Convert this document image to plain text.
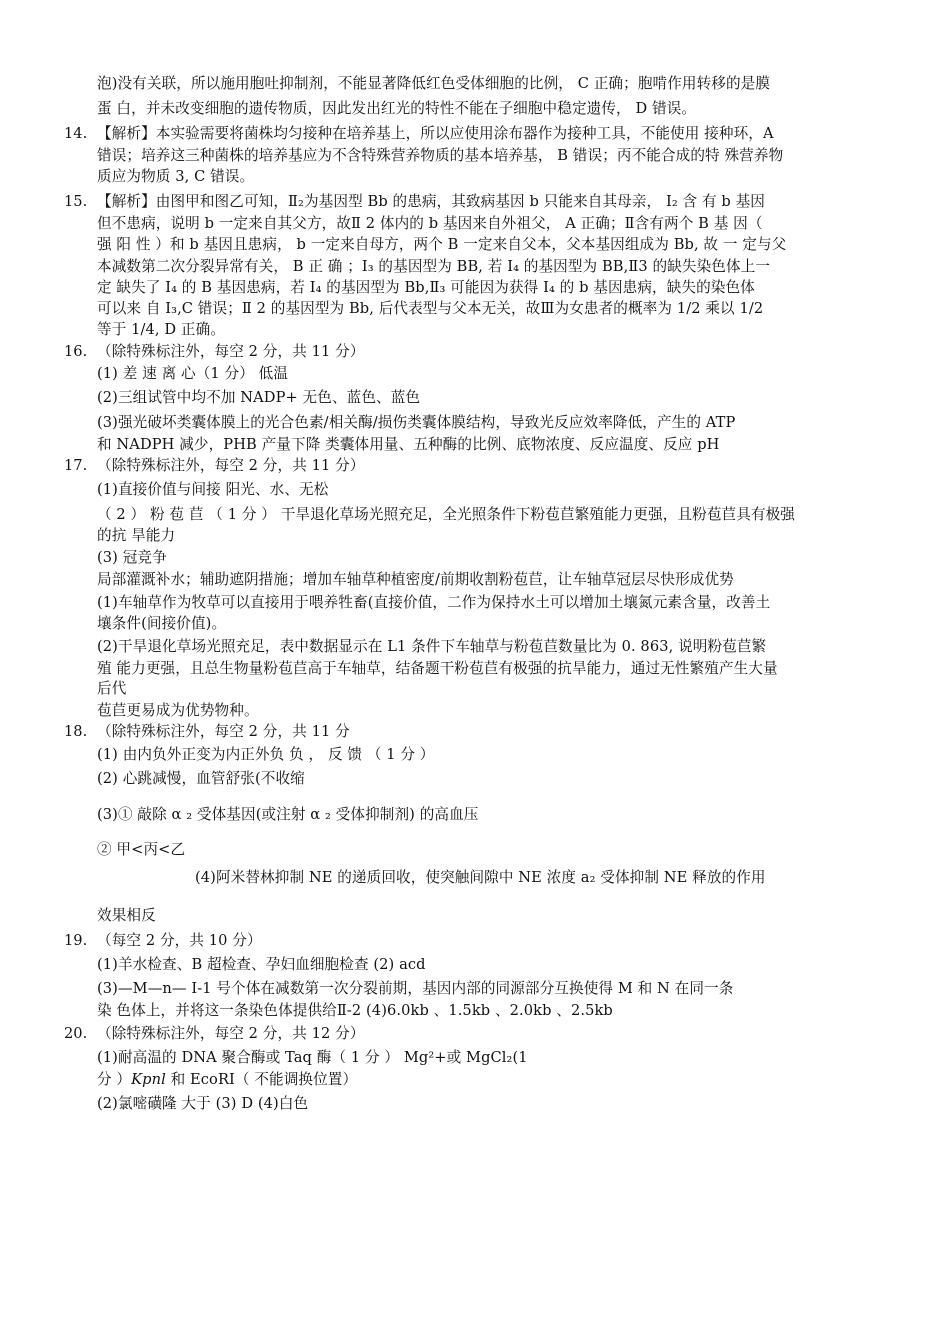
泡)没有关联，所以施用胞吐抑制剂，不能显著降低红色受体细胞的比例， C 正确；胞啃作用转移的是膜
蛋 白，并未改变细胞的遗传物质，因此发出红光的特性不能在子细胞中稳定遗传， D 错误。
14. 【解析】本实验需要将菌株均匀接种在培养基上，所以应使用涂布器作为接种工具，不能使用 接种环，A
错误；培养这三种菌株的培养基应为不含特殊营养物质的基本培养基， B 错误；丙不能合成的特 殊营养物
质应为物质 3, C 错误。
15. 【解析】由图甲和图乙可知，Ⅱ₂为基因型 Bb 的患病，其致病基因 b 只能来自其母亲， I₂ 含 有 b 基因
但不患病，说明 b 一定来自其父方，故Ⅱ 2 体内的 b 基因来自外祖父， A 正确；Ⅱ含有两个 B 基 因（
强 阳 性 ）和 b 基因且患病， b 一定来自母方，两个 B 一定来自父本，父本基因组成为 Bb, 故 一 定与父
本减数第二次分裂异常有关， B 正 确 ；I₃ 的基因型为 BB, 若 I₄ 的基因型为 BB,Ⅱ3 的缺失染色体上一
定 缺失了 I₄ 的 B 基因患病，若 I₄ 的基因型为 Bb,Ⅱ₃ 可能因为获得 I₄ 的 b 基因患病，缺失的染色体
可以来 自 I₃,C 错误；Ⅱ 2 的基因型为 Bb, 后代表型与父本无关，故Ⅲ为女患者的概率为 1/2 乘以 1/2
等于 1/4, D 正确。
16. （除特殊标注外，每空 2 分，共 11 分）
(1) 差 速 离 心（1 分） 低温
(2)三组试管中均不加 NADP+ 无色、蓝色、蓝色
(3)强光破坏类囊体膜上的光合色素/相关酶/损伤类囊体膜结构，导致光反应效率降低，产生的 ATP
和 NADPH 减少，PHB 产量下降 类囊体用量、五种酶的比例、底物浓度、反应温度、反应 pH
17. （除特殊标注外，每空 2 分，共 11 分）
(1)直接价值与间接 阳光、水、无松
（ 2 ） 粉 苞 苣 （ 1 分 ） 干旱退化草场光照充足，全光照条件下粉苞苣繁殖能力更强，且粉苞苣具有极强
的抗 旱能力
(3) 冠竞争
局部灌溉补水；辅助遮阴措施；增加车轴草种植密度/前期收割粉苞苣，让车轴草冠层尽快形成优势
(1)车轴草作为牧草可以直接用于喂养牲畜(直接价值，二作为保持水土可以增加土壤氮元素含量，改善土
壤条件(间接价值)。
(2)干旱退化草场光照充足，表中数据显示在 L1 条件下车轴草与粉苞苣数量比为 0. 863, 说明粉苞苣繁
殖 能力更强，且总生物量粉苞苣高于车轴草，结备题干粉苞苣有极强的抗旱能力，通过无性繁殖产生大量
后代
苞苣更易成为优势物种。
18. （除特殊标注外，每空 2 分，共 11 分
(1) 由内负外正变为内正外负 负 ， 反 馈 （ 1 分 ）
(2) 心跳减慢，血管舒张(不收缩
(3)① 敲除 α ₂ 受体基因(或注射 α ₂ 受体抑制剂) 的高血压
② 甲<丙<乙
(4)阿米替林抑制 NE 的递质回收，使突触间隙中 NE 浓度 a₂ 受体抑制 NE 释放的作用
效果相反
19. （每空 2 分，共 10 分）
(1)羊水检查、B 超检查、孕妇血细胞检查 (2) acd
(3)—M—n— I-1 号个体在减数第一次分裂前期，基因内部的同源部分互换使得 M 和 N 在同一条
染 色体上，并将这一条染色体提供给Ⅱ-2 (4)6.0kb 、1.5kb 、2.0kb 、2.5kb
20. （除特殊标注外，每空 2 分，共 12 分）
(1)耐高温的 DNA 聚合酶或 Taq 酶（ 1 分 ） Mg²+或 MgCl₂(1
分 ）Kpnl 和 EcoRI（ 不能调换位置）
(2)氯嘧磺隆 大于 (3) D (4)白色
